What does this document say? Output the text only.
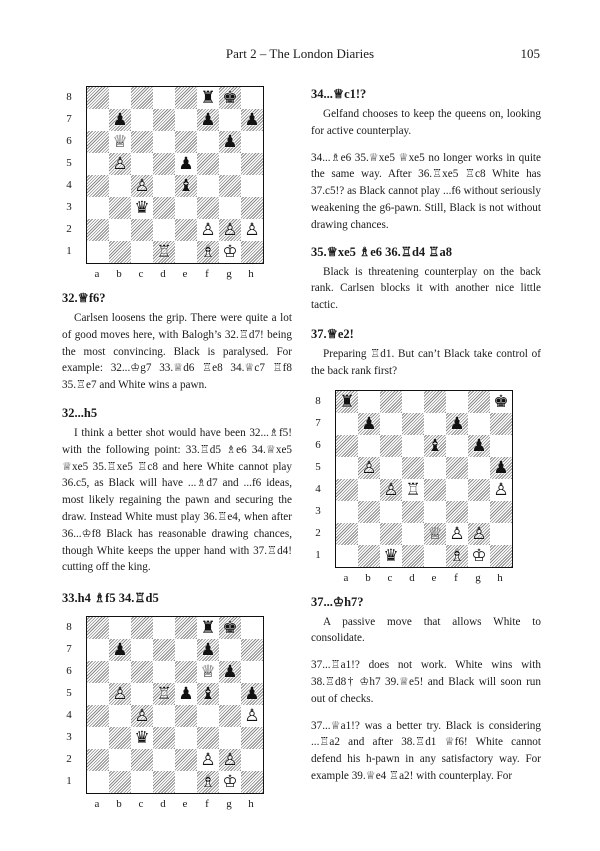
Part 2 – The London Diaries	105
8
7
6
5
4
3
2
1
♜ ♚
♟	♟ ♟
♕	♟
♙	♟
♙ ♝
♛
♙ ♙ ♙
♖ ♗ ♔
a	b	c	d	e	f	g	h
32.♕f6?
Carlsen loosens the grip. There were quite a lot of good moves here, with Balogh’s 32.♖d7! being the most convincing. Black is paralysed. For example: 32...♔g7 33.♕d6 ♖e8 34.♕c7 ♖f8 35.♖e7 and White wins a pawn.
32...h5
I think a better shot would have been 32...♗f5! with the following point: 33.♖d5 ♗e6 34.♕xe5 ♕xe5 35.♖xe5 ♖c8 and here White cannot play 36.c5, as Black will have ...♗d7 and ...f6 ideas, most likely regaining the pawn and securing the draw. Instead White must play 36.♖e4, when after 36...♔f8 Black has reasonable drawing chances, though White keeps the upper hand with 37.♖d4! cutting off the king.
33.h4 ♗f5 34.♖d5
8
7
6
5
4
3
2
1
♜ ♚
♟	♟
♕ ♟
♙ ♖ ♟ ♝ ♟
♙	♙
♛
♙ ♙
♗ ♔
a	b	c	d	e	f	g	h
34...♕c1!?
Gelfand chooses to keep the queens on, looking for active counterplay.
34...♗e6 35.♕xe5 ♕xe5 no longer works in quite the same way. After 36.♖xe5 ♖c8 White has 37.c5!? as Black cannot play ...f6 without seriously weakening the g6-pawn. Still, Black is not without drawing chances.
35.♕xe5 ♗e6 36.♖d4 ♖a8
Black is threatening counterplay on the back rank. Carlsen blocks it with another nice little tactic.
37.♕e2!
Preparing ♖d1. But can’t Black take control of the back rank first?
8
7
6
5
4
3
2
1
♜	♚
♟	♟
♝ ♟
♙	♟
♙ ♖	♙
♕ ♙ ♙
♛	♗ ♔
a	b	c	d	e	f	g	h
37...♔h7?
A passive move that allows White to consolidate.
37...♖a1!? does not work. White wins with 38.♖d8† ♔h7 39.♕e5! and Black will soon run out of checks.
37...♕a1!? was a better try. Black is considering ...♖a2 and after 38.♖d1 ♕f6! White cannot defend his h-pawn in any satisfactory way. For example 39.♕e4 ♖a2! with counterplay. For
